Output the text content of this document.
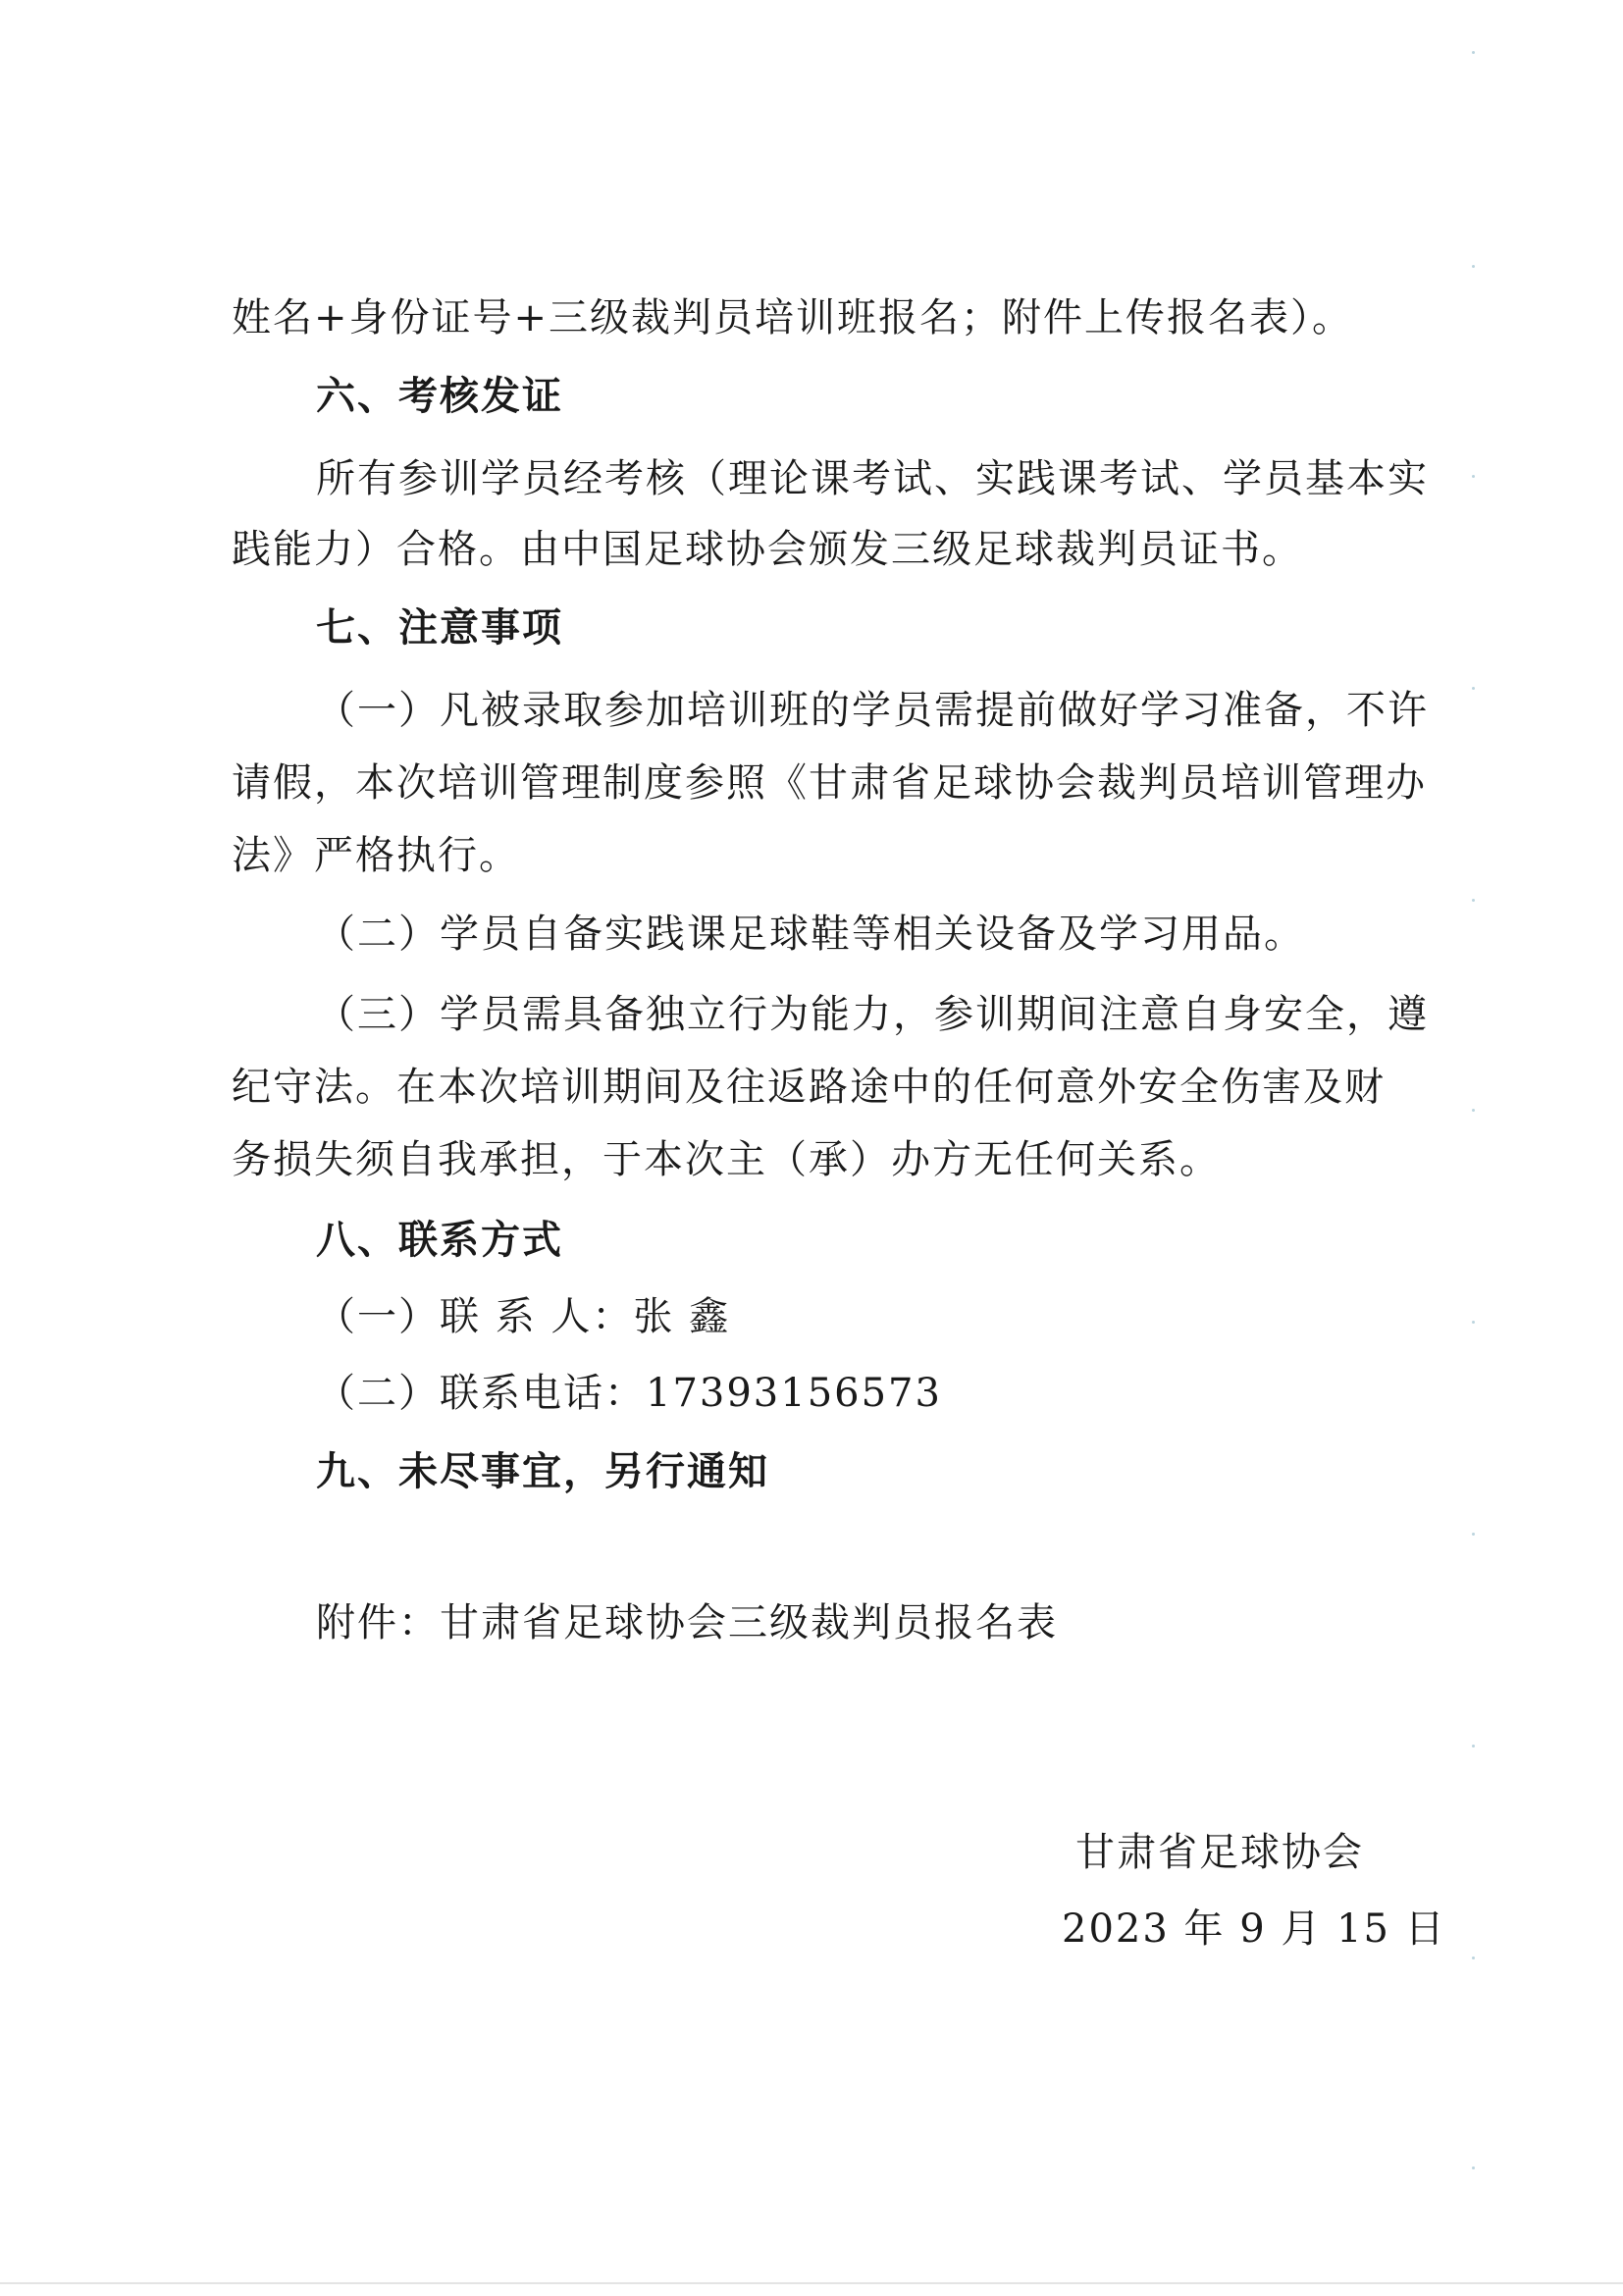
姓名+身份证号+三级裁判员培训班报名；附件上传报名表）。
六、考核发证
所有参训学员经考核（理论课考试、实践课考试、学员基本实
践能力）合格。由中国足球协会颁发三级足球裁判员证书。
七、注意事项
（一）凡被录取参加培训班的学员需提前做好学习准备，不许
请假，本次培训管理制度参照《甘肃省足球协会裁判员培训管理办
法》严格执行。
（二）学员自备实践课足球鞋等相关设备及学习用品。
（三）学员需具备独立行为能力，参训期间注意自身安全，遵
纪守法。在本次培训期间及往返路途中的任何意外安全伤害及财
务损失须自我承担，于本次主（承）办方无任何关系。
八、联系方式
（一）联 系 人：张 鑫
（二）联系电话：17393156573
九、未尽事宜，另行通知
附件：甘肃省足球协会三级裁判员报名表
甘肃省足球协会
2023 年 9 月 15 日
